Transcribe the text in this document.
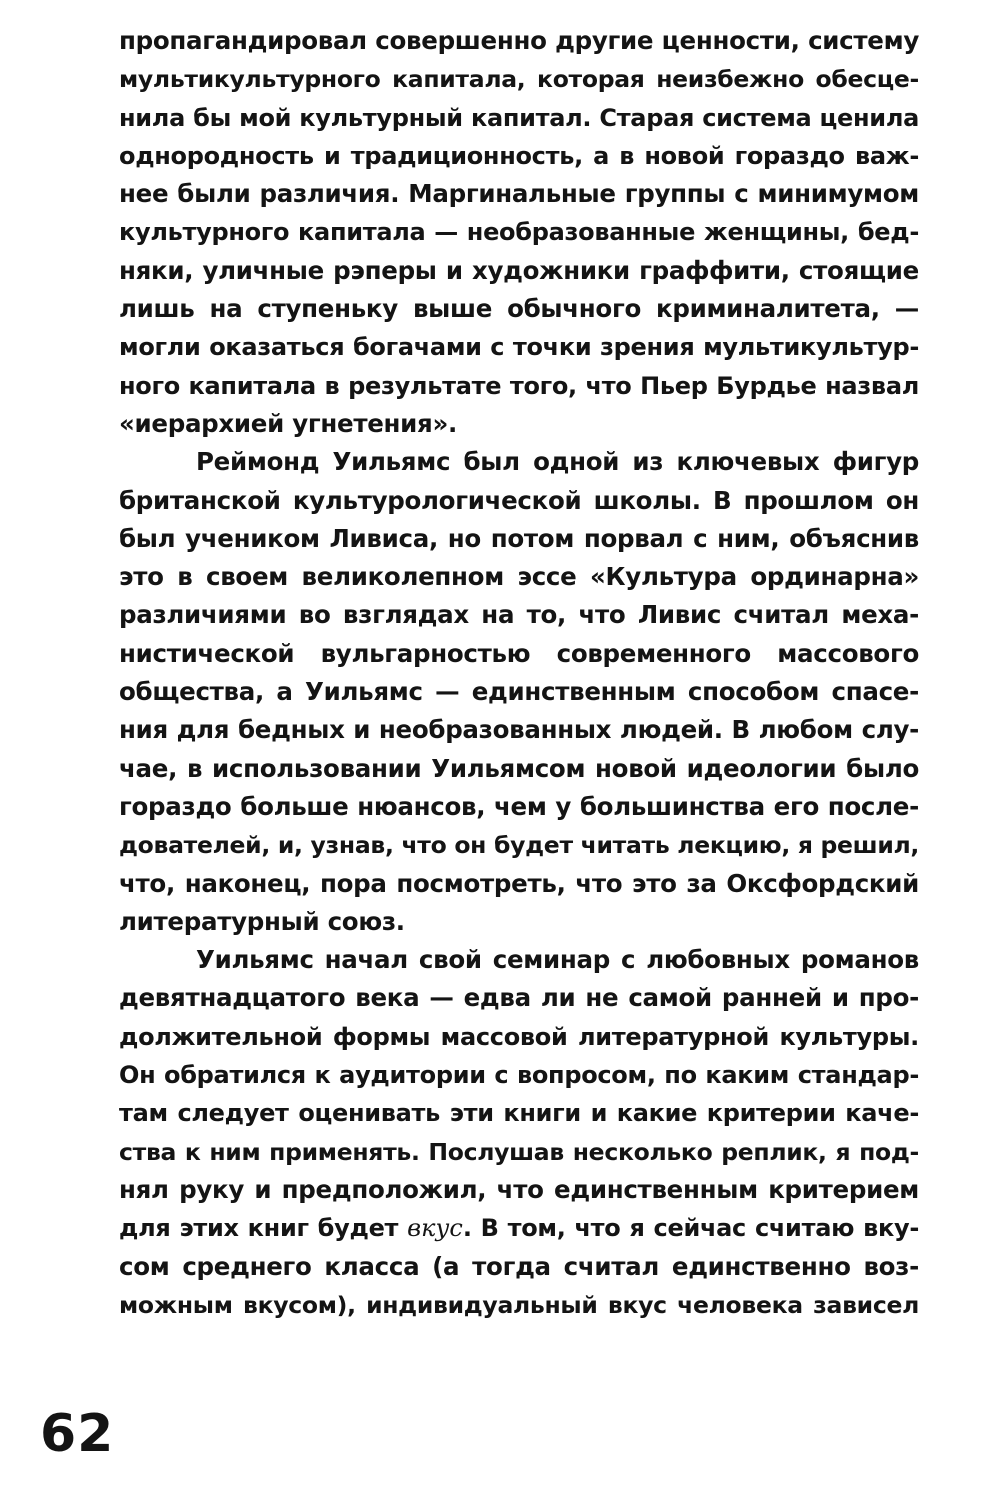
пропагандировал совершенно другие ценности, систему
мультикультурного капитала, которая неизбежно обесце-
нила бы мой культурный капитал. Старая система ценила
однородность и традиционность, а в новой гораздо важ-
нее были различия. Маргинальные группы с минимумом
культурного капитала — необразованные женщины, бед-
няки, уличные рэперы и художники граффити, стоящие
лишь на ступеньку выше обычного криминалитета, —
могли оказаться богачами с точки зрения мультикультур-
ного капитала в результате того, что Пьер Бурдье назвал
«иерархией угнетения».
Реймонд Уильямс был одной из ключевых фигур
британской культурологической школы. В прошлом он
был учеником Ливиса, но потом порвал с ним, объяснив
это в своем великолепном эссе «Культура ординарна»
различиями во взглядах на то, что Ливис считал меха-
нистической вульгарностью современного массового
общества, а Уильямс — единственным способом спасе-
ния для бедных и необразованных людей. В любом слу-
чае, в использовании Уильямсом новой идеологии было
гораздо больше нюансов, чем у большинства его после-
дователей, и, узнав, что он будет читать лекцию, я решил,
что, наконец, пора посмотреть, что это за Оксфордский
литературный союз.
Уильямс начал свой семинар с любовных романов
девятнадцатого века — едва ли не самой ранней и про-
должительной формы массовой литературной культуры.
Он обратился к аудитории с вопросом, по каким стандар-
там следует оценивать эти книги и какие критерии каче-
ства к ним применять. Послушав несколько реплик, я под-
нял руку и предположил, что единственным критерием
для этих книг будет вкус. В том, что я сейчас считаю вку-
сом среднего класса (а тогда считал единственно воз-
можным вкусом), индивидуальный вкус человека зависел
62
